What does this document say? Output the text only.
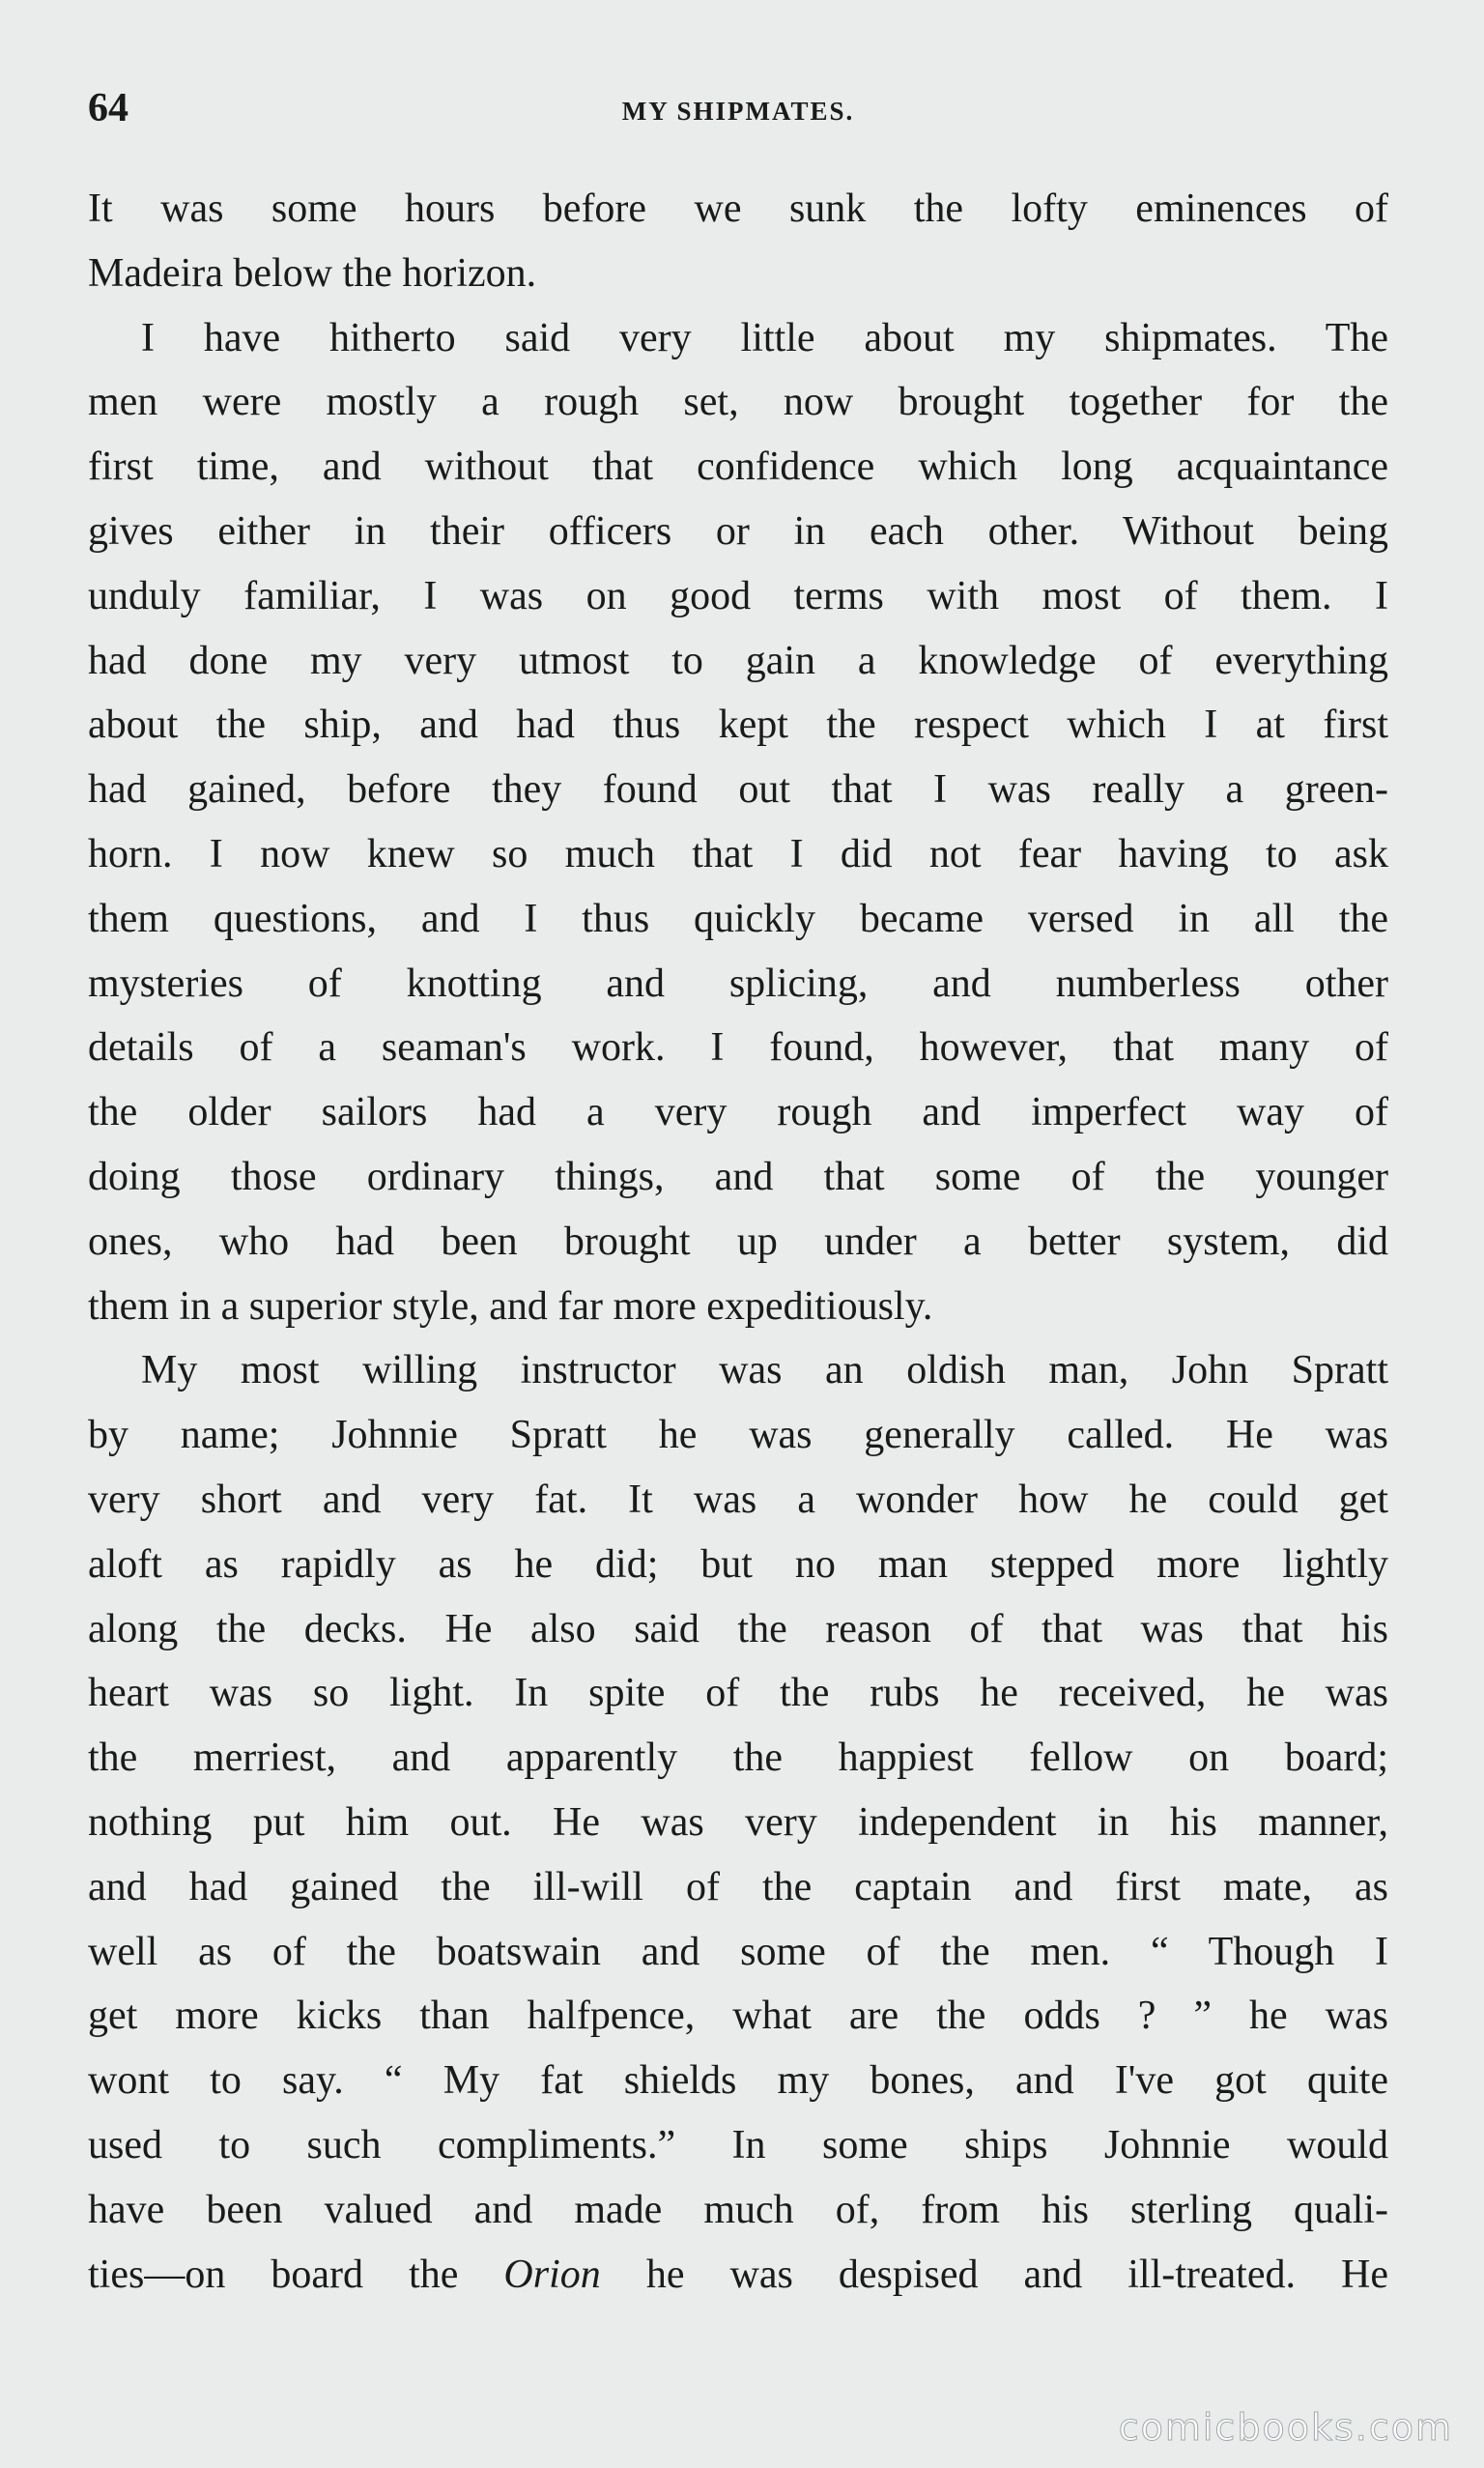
64	MY SHIPMATES.
It was some hours before we sunk the lofty eminences of
Madeira below the horizon.
I have hitherto said very little about my shipmates. The
men were mostly a rough set, now brought together for the
first time, and without that confidence which long acquaintance
gives either in their officers or in each other. Without being
unduly familiar, I was on good terms with most of them. I
had done my very utmost to gain a knowledge of everything
about the ship, and had thus kept the respect which I at first
had gained, before they found out that I was really a green-
horn. I now knew so much that I did not fear having to ask
them questions, and I thus quickly became versed in all the
mysteries of knotting and splicing, and numberless other
details of a seaman's work. I found, however, that many of
the older sailors had a very rough and imperfect way of
doing those ordinary things, and that some of the younger
ones, who had been brought up under a better system, did
them in a superior style, and far more expeditiously.
My most willing instructor was an oldish man, John Spratt
by name; Johnnie Spratt he was generally called. He was
very short and very fat. It was a wonder how he could get
aloft as rapidly as he did; but no man stepped more lightly
along the decks. He also said the reason of that was that his
heart was so light. In spite of the rubs he received, he was
the merriest, and apparently the happiest fellow on board;
nothing put him out. He was very independent in his manner,
and had gained the ill-will of the captain and first mate, as
well as of the boatswain and some of the men. “ Though I
get more kicks than halfpence, what are the odds ? ” he was
wont to say. “ My fat shields my bones, and I've got quite
used to such compliments.” In some ships Johnnie would
have been valued and made much of, from his sterling quali-
ties—on board the Orion he was despised and ill-treated. He
comicbooks.com
